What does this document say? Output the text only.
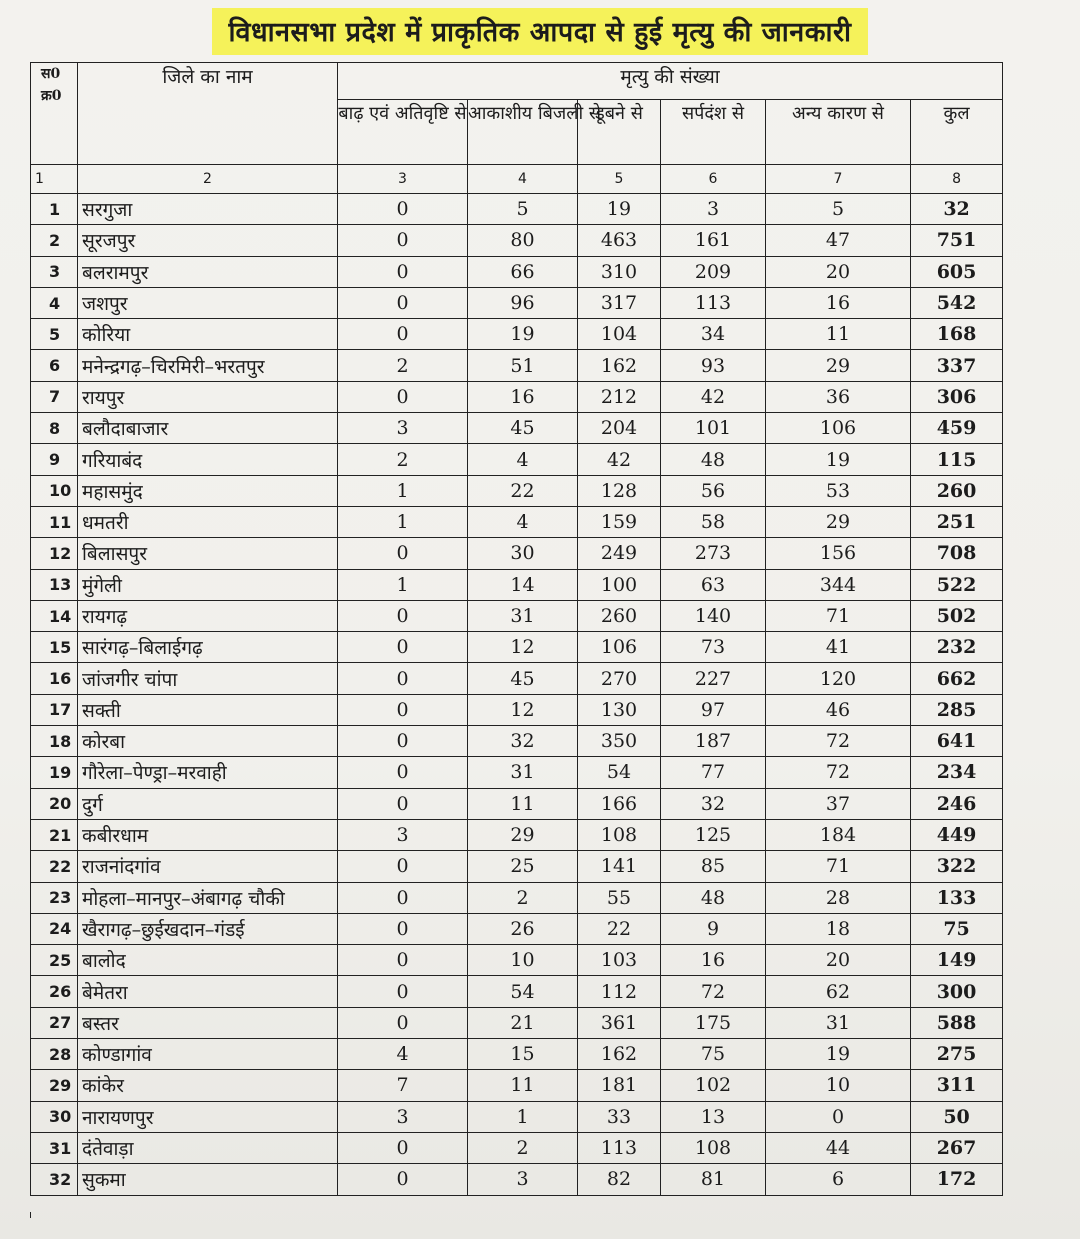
विधानसभा प्रदेश में प्राकृतिक आपदा से हुई मृत्यु की जानकारी
स0
क्र0	जिले का नाम	मृत्यु की संख्या					
		बाढ़ एवं अतिवृष्टि से	आकाशीय बिजली से	डूबने से	सर्पदंश से	अन्य कारण से	कुल
1	2	3	4	5	6	7	8
1	सरगुजा	0	5	19	3	5	32
2	सूरजपुर	0	80	463	161	47	751
3	बलरामपुर	0	66	310	209	20	605
4	जशपुर	0	96	317	113	16	542
5	कोरिया	0	19	104	34	11	168
6	मनेन्द्रगढ़–चिरमिरी–भरतपुर	2	51	162	93	29	337
7	रायपुर	0	16	212	42	36	306
8	बलौदाबाजार	3	45	204	101	106	459
9	गरियाबंद	2	4	42	48	19	115
10	महासमुंद	1	22	128	56	53	260
11	धमतरी	1	4	159	58	29	251
12	बिलासपुर	0	30	249	273	156	708
13	मुंगेली	1	14	100	63	344	522
14	रायगढ़	0	31	260	140	71	502
15	सारंगढ़–बिलाईगढ़	0	12	106	73	41	232
16	जांजगीर चांपा	0	45	270	227	120	662
17	सक्ती	0	12	130	97	46	285
18	कोरबा	0	32	350	187	72	641
19	गौरेला–पेण्ड्रा–मरवाही	0	31	54	77	72	234
20	दुर्ग	0	11	166	32	37	246
21	कबीरधाम	3	29	108	125	184	449
22	राजनांदगांव	0	25	141	85	71	322
23	मोहला–मानपुर–अंबागढ़ चौकी	0	2	55	48	28	133
24	खैरागढ़–छुईखदान–गंडई	0	26	22	9	18	75
25	बालोद	0	10	103	16	20	149
26	बेमेतरा	0	54	112	72	62	300
27	बस्तर	0	21	361	175	31	588
28	कोण्डागांव	4	15	162	75	19	275
29	कांकेर	7	11	181	102	10	311
30	नारायणपुर	3	1	33	13	0	50
31	दंतेवाड़ा	0	2	113	108	44	267
32	सुकमा	0	3	82	81	6	172
